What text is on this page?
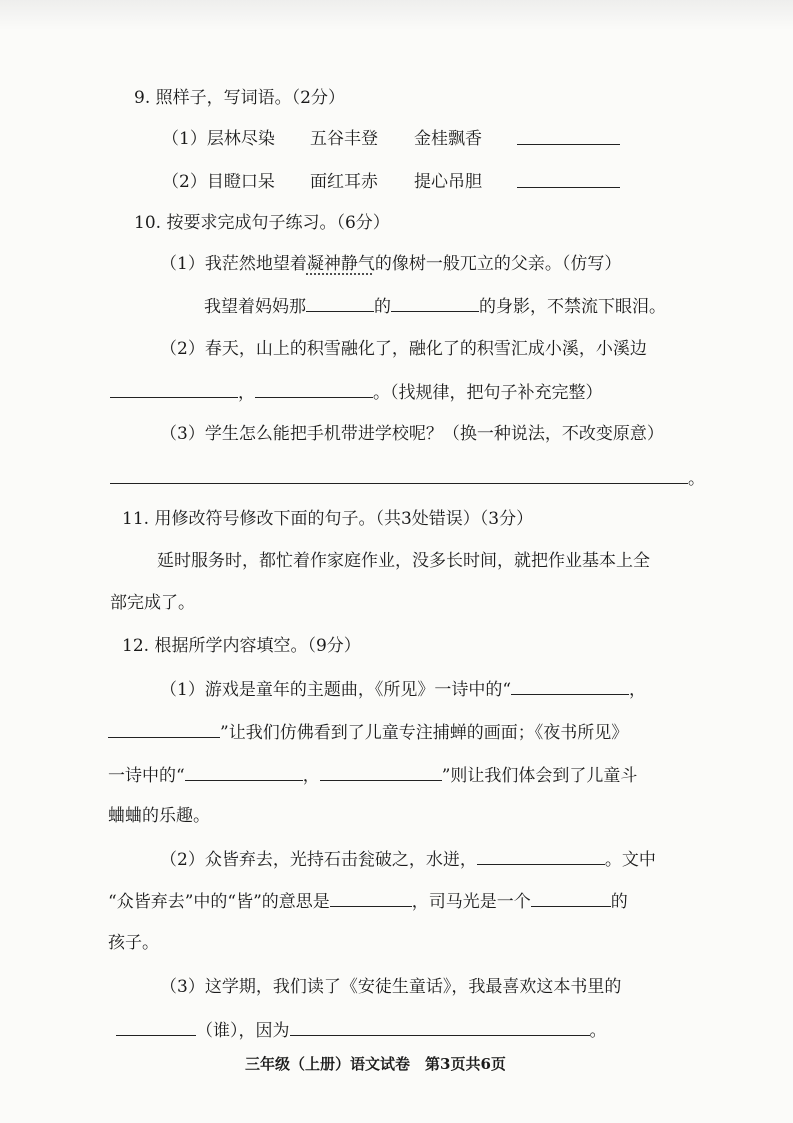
9. 照样子，写词语。（2分）
（1）层林尽染 五谷丰登 金桂飘香
（2）目瞪口呆 面红耳赤 提心吊胆
10. 按要求完成句子练习。（6分）
（1）我茫然地望着凝神静气的像树一般兀立的父亲。（仿写）
我望着妈妈那	的	的身影，不禁流下眼泪。
（2）春天，山上的积雪融化了，融化了的积雪汇成小溪，小溪边
，	。（找规律，把句子补充完整）
（3）学生怎么能把手机带进学校呢？（换一种说法，不改变原意）
。
11. 用修改符号修改下面的句子。（共3处错误）（3分）
延时服务时，都忙着作家庭作业，没多长时间，就把作业基本上全
部完成了。
12. 根据所学内容填空。（9分）
（1）游戏是童年的主题曲，《所见》一诗中的“	，
”让我们仿佛看到了儿童专注捕蝉的画面；《夜书所见》
一诗中的“	，	”则让我们体会到了儿童斗
蛐蛐的乐趣。
（2）众皆弃去，光持石击瓮破之，水迸，	。文中
“众皆弃去”中的“皆”的意思是	，司马光是一个	的
孩子。
（3）这学期，我们读了《安徒生童话》，我最喜欢这本书里的
（谁），因为	。
三年级（上册）语文试卷　第3页共6页
